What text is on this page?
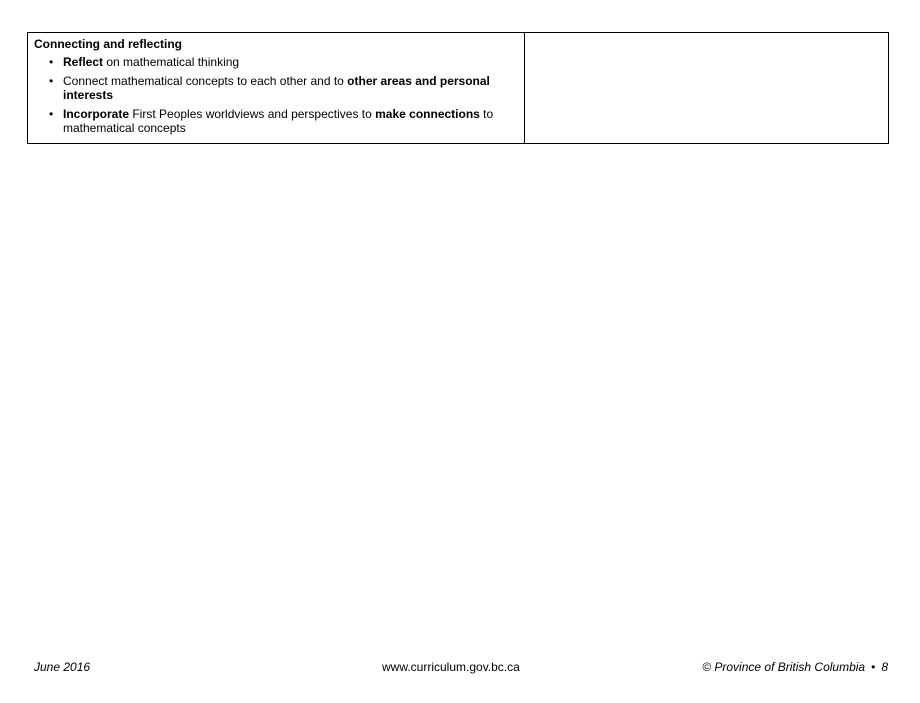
Connecting and reflecting
• Reflect on mathematical thinking
• Connect mathematical concepts to each other and to other areas and personal interests
• Incorporate First Peoples worldviews and perspectives to make connections to mathematical concepts
June 2016	www.curriculum.gov.bc.ca	© Province of British Columbia • 8
